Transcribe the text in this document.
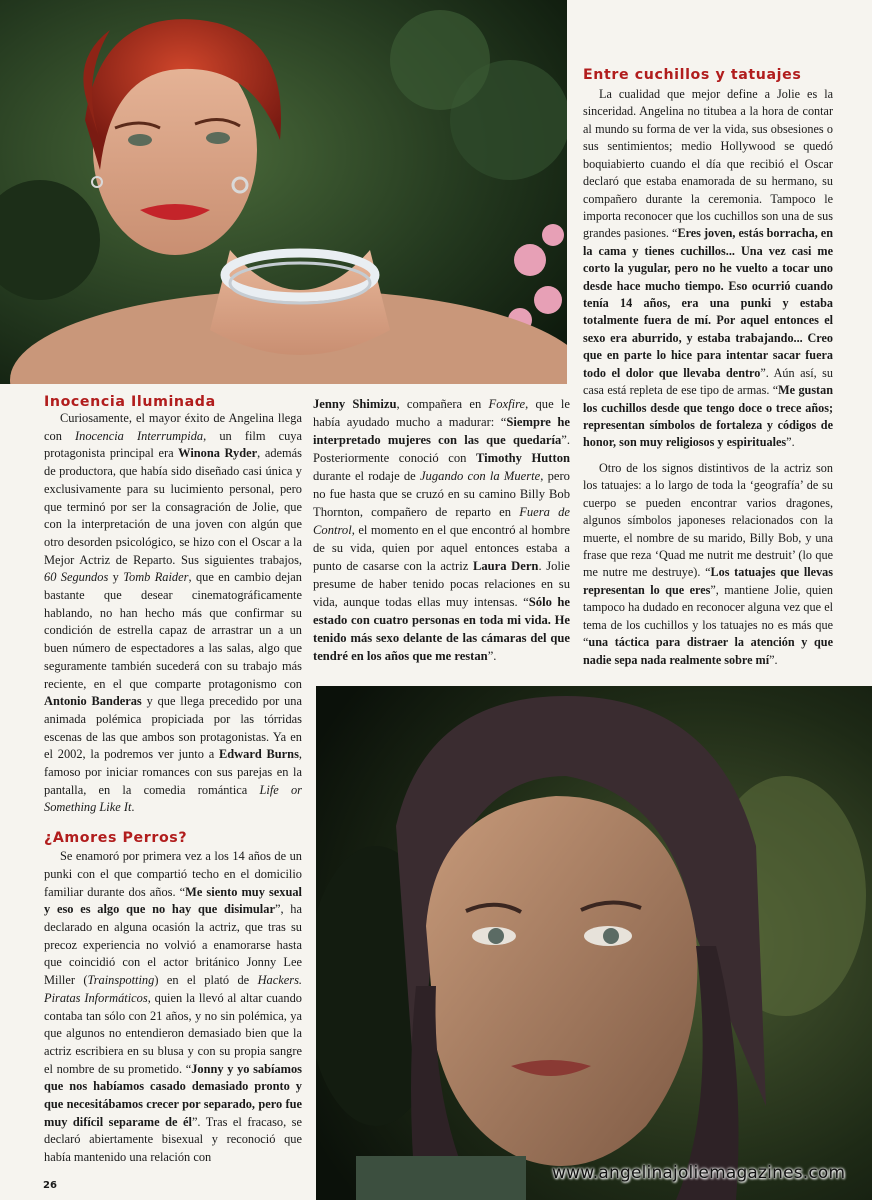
Inocencia Iluminada
Entre cuchillos y tatuajes

Curiosamente, el mayor éxito de Angelina llega con Inocencia Interrumpida, un film cuya protagonista principal era Winona Ryder, además de productora, que había sido diseñado casi única y exclusivamente para su lucimiento personal, pero que terminó por ser la consagración de Jolie, que con la interpretación de una joven con algún que otro desorden psicológico, se hizo con el Oscar a la Mejor Actriz de Reparto. Sus siguientes trabajos, 60 Segundos y Tomb Raider, que en cambio dejan bastante que desear cinematográficamente hablando, no han hecho más que confirmar su condición de estrella capaz de arrastrar un a un buen número de espectadores a las salas, algo que seguramente también sucederá con su trabajo más reciente, en el que comparte protagonismo con Antonio Banderas y que llega precedido por una animada polémica propiciada por las tórridas escenas de las que ambos son protagonistas. Ya en el 2002, la podremos ver junto a Edward Burns, famoso por iniciar romances con sus parejas en la pantalla, en la comedia romántica Life or Something Like It.

¿Amores Perros?

Se enamoró por primera vez a los 14 años de un punki con el que compartió techo en el domicilio familiar durante dos años. “Me siento muy sexual y eso es algo que no hay que disimular”, ha declarado en alguna ocasión la actriz, que tras su precoz experiencia no volvió a enamorarse hasta que coincidió con el actor británico Jonny Lee Miller (Trainspotting) en el plató de Hackers. Piratas Informáticos, quien la llevó al altar cuando contaba tan sólo con 21 años, y no sin polémica, ya que algunos no entendieron demasiado bien que la actriz escribiera en su blusa y con su propia sangre el nombre de su prometido. “Jonny y yo sabíamos que nos habíamos casado demasiado pronto y que necesitábamos crecer por separado, pero fue muy difícil separame de él”. Tras el fracaso, se declaró abiertamente bisexual y reconoció que había mantenido una relación con

Jenny Shimizu, compañera en Foxfire, que le había ayudado mucho a madurar: “Siempre he interpretado mujeres con las que quedaría”. Posteriormente conoció con Timothy Hutton durante el rodaje de Jugando con la Muerte, pero no fue hasta que se cruzó en su camino Billy Bob Thornton, compañero de reparto en Fuera de Control, el momento en el que encontró al hombre de su vida, quien por aquel entonces estaba a punto de casarse con la actriz Laura Dern. Jolie presume de haber tenido pocas relaciones en su vida, aunque todas ellas muy intensas. “Sólo he estado con cuatro personas en toda mi vida. He tenido más sexo delante de las cámaras del que tendré en los años que me restan”.

La cualidad que mejor define a Jolie es la sinceridad. Angelina no titubea a la hora de contar al mundo su forma de ver la vida, sus obsesiones o sus sentimientos; medio Hollywood se quedó boquiabierto cuando el día que recibió el Oscar declaró que estaba enamorada de su hermano, su compañero durante la ceremonia. Tampoco le importa reconocer que los cuchillos son una de sus grandes pasiones. “Eres joven, estás borracha, en la cama y tienes cuchillos... Una vez casi me corto la yugular, pero no he vuelto a tocar uno desde hace mucho tiempo. Eso ocurrió cuando tenía 14 años, era una punki y estaba totalmente fuera de mí. Por aquel entonces el sexo era aburrido, y estaba trabajando... Creo que en parte lo hice para intentar sacar fuera todo el dolor que llevaba dentro”. Aún así, su casa está repleta de ese tipo de armas. “Me gustan los cuchillos desde que tengo doce o trece años; representan símbolos de fortaleza y códigos de honor, son muy religiosos y espirituales”.

Otro de los signos distintivos de la actriz son los tatuajes: a lo largo de toda la ‘geografía’ de su cuerpo se pueden encontrar varios dragones, algunos símbolos japoneses relacionados con la muerte, el nombre de su marido, Billy Bob, y una frase que reza ‘Quad me nutrit me destruit’ (lo que me nutre me destruye). “Los tatuajes que llevas representan lo que eres”, mantiene Jolie, quien tampoco ha dudado en reconocer alguna vez que el tema de los cuchillos y los tatuajes no es más que “una táctica para distraer la atención y que nadie sepa nada realmente sobre mí”.

26
www.angelinajoliemagazines.com
